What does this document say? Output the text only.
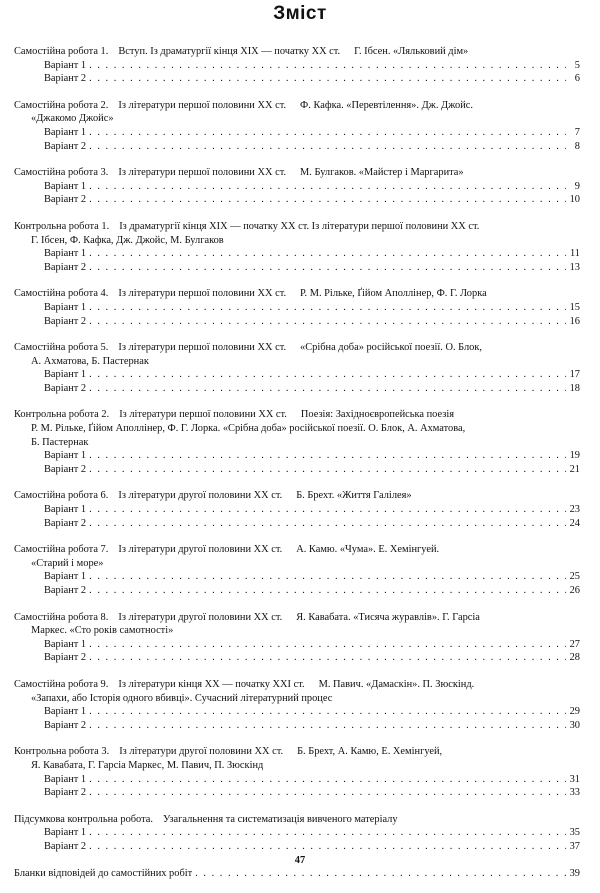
Зміст
Самостійна робота 1. Вступ. Із драматургії кінця XIX — початку XX ст. Г. Ібсен. «Ляльковий дім»
Варіант 1 . . .	5
Варіант 2 . . .	6
Самостійна робота 2. Із літератури першої половини XX ст. Ф. Кафка. «Перевтілення». Дж. Джойс.
«Джакомо Джойс»
Варіант 1 . . .	7
Варіант 2 . . .	8
Самостійна робота 3. Із літератури першої половини XX ст. М. Булгаков. «Майстер і Маргарита»
Варіант 1 . . .	9
Варіант 2 . . .	10
Контрольна робота 1. Із драматургії кінця XIX — початку XX ст. Із літератури першої половини XX ст.
Г. Ібсен, Ф. Кафка, Дж. Джойс, М. Булгаков
Варіант 1 . . .	11
Варіант 2 . . .	13
Самостійна робота 4. Із літератури першої половини XX ст. Р. М. Рільке, Ґійом Аполлінер, Ф. Г. Лорка
Варіант 1 . . .	15
Варіант 2 . . .	16
Самостійна робота 5. Із літератури першої половини XX ст. «Срібна доба» російської поезії. О. Блок,
А. Ахматова, Б. Пастернак
Варіант 1 . . .	17
Варіант 2 . . .	18
Контрольна робота 2. Із літератури першої половини XX ст. Поезія: Західноєвропейська поезія
Р. М. Рільке, Ґійом Аполлінер, Ф. Г. Лорка. «Срібна доба» російської поезії. О. Блок, А. Ахматова,
Б. Пастернак
Варіант 1 . . .	19
Варіант 2 . . .	21
Самостійна робота 6. Із літератури другої половини XX ст. Б. Брехт. «Життя Галілея»
Варіант 1 . . .	23
Варіант 2 . . .	24
Самостійна робота 7. Із літератури другої половини XX ст. А. Камю. «Чума». Е. Хемінгуей.
«Старий і море»
Варіант 1 . . .	25
Варіант 2 . . .	26
Самостійна робота 8. Із літератури другої половини XX ст. Я. Кавабата. «Тисяча журавлів». Г. Гарсіа
Маркес. «Сто років самотності»
Варіант 1 . . .	27
Варіант 2 . . .	28
Самостійна робота 9. Із літератури кінця XX — початку XXI ст. М. Павич. «Дамаскін». П. Зюскінд.
«Запахи, або Історія одного вбивці». Сучасний літературний процес
Варіант 1 . . .	29
Варіант 2 . . .	30
Контрольна робота 3. Із літератури другої половини XX ст. Б. Брехт, А. Камю, Е. Хемінгуей,
Я. Кавабата, Г. Гарсіа Маркес, М. Павич, П. Зюскінд
Варіант 1 . . .	31
Варіант 2 . . .	33
Підсумкова контрольна робота. Узагальнення та систематизація вивченого матеріалу
Варіант 1 . . .	35
Варіант 2 . . .	37
Бланки відповідей до самостійних робіт . . .	39
47
